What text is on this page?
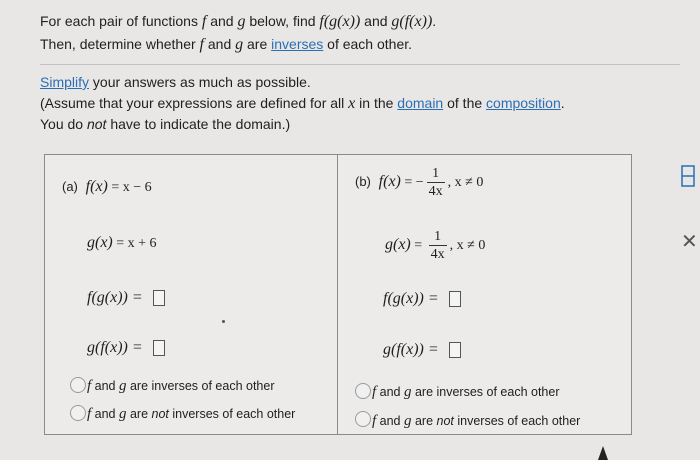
For each pair of functions f and g below, find f(g(x)) and g(f(x)).
Then, determine whether f and g are inverses of each other.
Simplify your answers as much as possible.
(Assume that your expressions are defined for all x in the domain of the composition.
You do not have to indicate the domain.)
(a) f(x) = x − 6
g(x) = x + 6
f(g(x)) =
g(f(x)) =
f and g are inverses of each other
f and g are not inverses of each other
(b) f(x) = − $\frac{1}{4x}$ , x ≠ 0
$g(x) = \frac{1}{4x}$ , x ≠ 0
f(g(x)) =
g(f(x)) =
f and g are inverses of each other
f and g are not inverses of each other
✕
